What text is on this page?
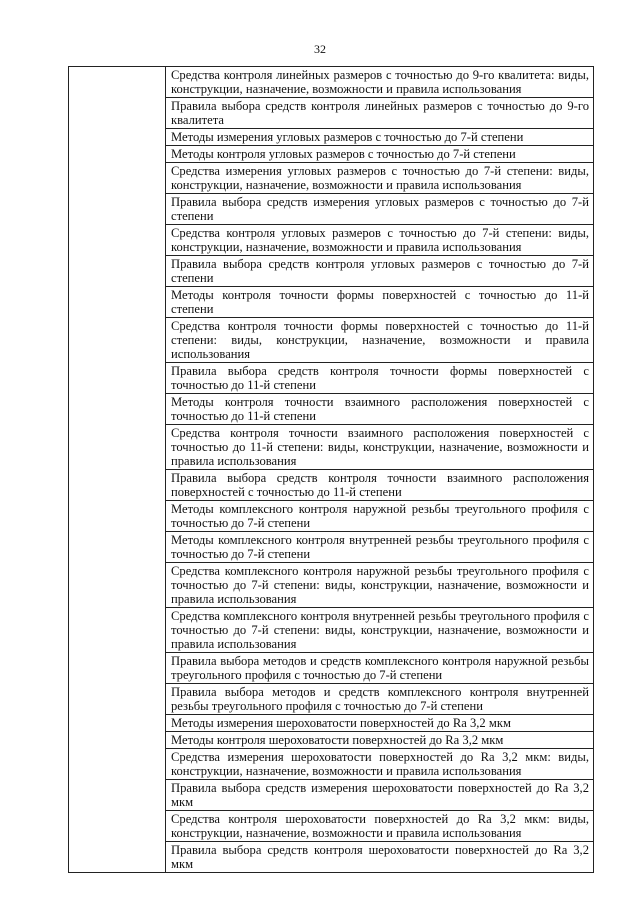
32

Средства контроля линейных размеров с точностью до 9-го квалитета: виды, конструкции, назначение, возможности и правила использования
Правила выбора средств контроля линейных размеров с точностью до 9-го квалитета
Методы измерения угловых размеров с точностью до 7-й степени
Методы контроля угловых размеров с точностью до 7-й степени
Средства измерения угловых размеров с точностью до 7-й степени: виды, конструкции, назначение, возможности и правила использования
Правила выбора средств измерения угловых размеров с точностью до 7-й степени
Средства контроля угловых размеров с точностью до 7-й степени: виды, конструкции, назначение, возможности и правила использования
Правила выбора средств контроля угловых размеров с точностью до 7-й степени
Методы контроля точности формы поверхностей с точностью до 11-й степени
Средства контроля точности формы поверхностей с точностью до 11-й степени: виды, конструкции, назначение, возможности и правила использования
Правила выбора средств контроля точности формы поверхностей с точностью до 11-й степени
Методы контроля точности взаимного расположения поверхностей с точностью до 11-й степени
Средства контроля точности взаимного расположения поверхностей с точностью до 11-й степени: виды, конструкции, назначение, возможности и правила использования
Правила выбора средств контроля точности взаимного расположения поверхностей с точностью до 11-й степени
Методы комплексного контроля наружной резьбы треугольного профиля с точностью до 7-й степени
Методы комплексного контроля внутренней резьбы треугольного профиля с точностью до 7-й степени
Средства комплексного контроля наружной резьбы треугольного профиля с точностью до 7-й степени: виды, конструкции, назначение, возможности и правила использования
Средства комплексного контроля внутренней резьбы треугольного профиля с точностью до 7-й степени: виды, конструкции, назначение, возможности и правила использования
Правила выбора методов и средств комплексного контроля наружной резьбы треугольного профиля с точностью до 7-й степени
Правила выбора методов и средств комплексного контроля внутренней резьбы треугольного профиля с точностью до 7-й степени
Методы измерения шероховатости поверхностей до Ra 3,2 мкм
Методы контроля шероховатости поверхностей до Ra 3,2 мкм
Средства измерения шероховатости поверхностей до Ra 3,2 мкм: виды, конструкции, назначение, возможности и правила использования
Правила выбора средств измерения шероховатости поверхностей до Ra 3,2 мкм
Средства контроля шероховатости поверхностей до Ra 3,2 мкм: виды, конструкции, назначение, возможности и правила использования
Правила выбора средств контроля шероховатости поверхностей до Ra 3,2 мкм
